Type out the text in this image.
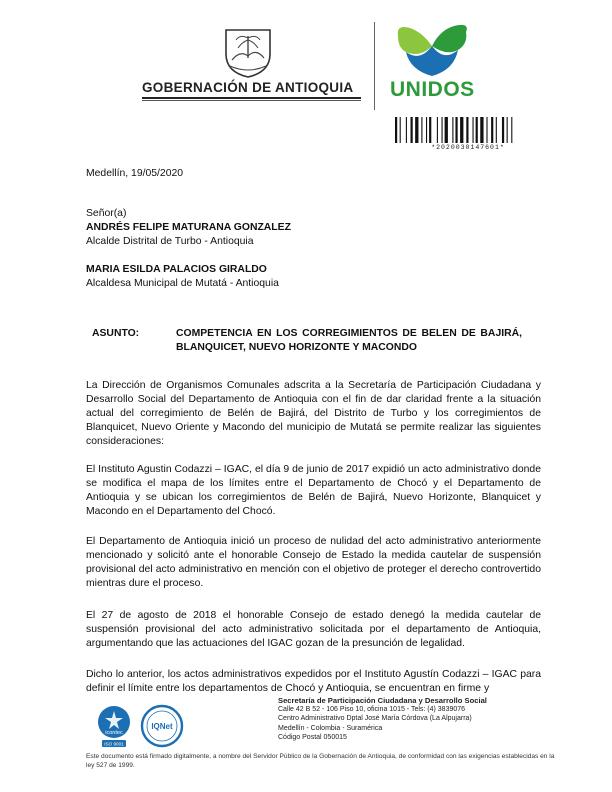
GOBERNACIÓN DE ANTIOQUIA UNIDOS
*2020030147601*
Medellín, 19/05/2020
Señor(a)
ANDRÉS FELIPE MATURANA GONZALEZ
Alcalde Distrital de Turbo - Antioquia
MARIA ESILDA PALACIOS GIRALDO
Alcaldesa Municipal de Mutatá - Antioquia
ASUNTO:	COMPETENCIA EN LOS CORREGIMIENTOS DE BELEN DE BAJIRÁ, BLANQUICET, NUEVO HORIZONTE Y MACONDO
La Dirección de Organismos Comunales adscrita a la Secretaría de Participación Ciudadana y Desarrollo Social del Departamento de Antioquia con el fin de dar claridad frente a la situación actual del corregimiento de Belén de Bajirá, del Distrito de Turbo y los corregimientos de Blanquicet, Nuevo Oriente y Macondo del municipio de Mutatá se permite realizar las siguientes consideraciones:
El Instituto Agustin Codazzi – IGAC, el día 9 de junio de 2017 expidió un acto administrativo donde se modifica el mapa de los límites entre el Departamento de Chocó y el Departamento de Antioquia y se ubican los corregimientos de Belén de Bajirá, Nuevo Horizonte, Blanquicet y Macondo en el Departamento del Chocó.
El Departamento de Antioquia inició un proceso de nulidad del acto administrativo anteriormente mencionado y solicitó ante el honorable Consejo de Estado la medida cautelar de suspensión provisional del acto administrativo en mención con el objetivo de proteger el derecho controvertido mientras dure el proceso.
El 27 de agosto de 2018 el honorable Consejo de estado denegó la medida cautelar de suspensión provisional del acto administrativo solicitada por el departamento de Antioquia, argumentando que las actuaciones del IGAC gozan de la presunción de legalidad.
Dicho lo anterior, los actos administrativos expedidos por el Instituto Agustín Codazzi – IGAC para definir el límite entre los departamentos de Chocó y Antioquia, se encuentran en firme y
icontec
ISO 9001
IQNet
Secretaría de Participación Ciudadana y Desarrollo Social
Calle 42 B 52 - 106 Piso 10, oficina 1015 - Tels: (4) 3839076
Centro Administrativo Dptal José María Córdova (La Alpujarra)
Medellín - Colombia - Suramérica
Código Postal 050015
Este documento está firmado digitalmente, a nombre del Servidor Público de la Gobernación de Antioquia, de conformidad con las exigencias establecidas en la ley 527 de 1999.
